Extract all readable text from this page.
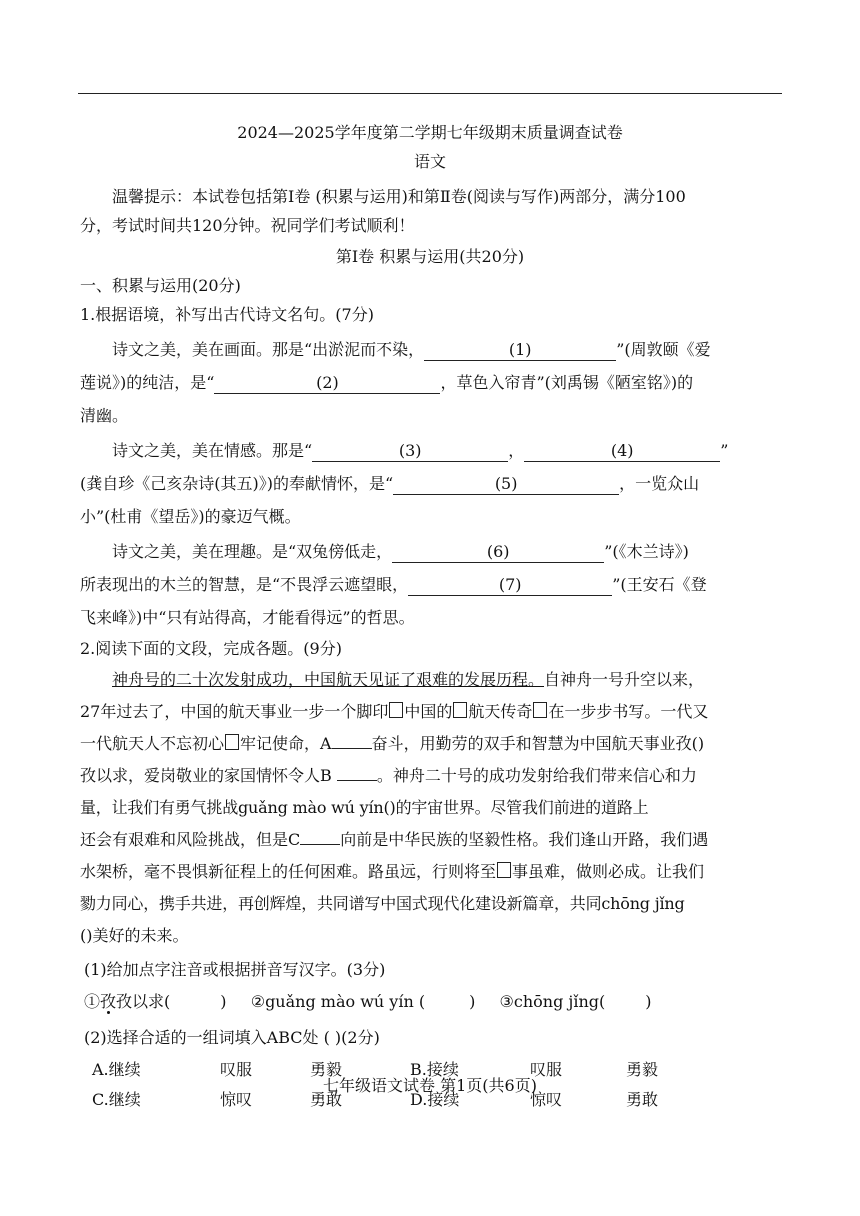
2024—2025学年度第二学期七年级期末质量调查试卷
语文
温馨提示：本试卷包括第Ⅰ卷 (积累与运用)和第Ⅱ卷(阅读与写作)两部分，满分100
分，考试时间共120分钟。祝同学们考试顺利！
第Ⅰ卷 积累与运用(共20分)
一、积累与运用(20分)
1.根据语境，补写出古代诗文名句。(7分)
诗文之美，美在画面。那是“出淤泥而不染，	(1)	”(周敦颐《爱
莲说》)的纯洁，是“	(2)	，草色入帘青”(刘禹锡《陋室铭》)的
清幽。
诗文之美，美在情感。那是“	(3)	，	(4)	”
(龚自珍《己亥杂诗(其五)》)的奉献情怀，是“	(5)	，一览众山
小”(杜甫《望岳》)的豪迈气概。
诗文之美，美在理趣。是“双兔傍低走，	(6)	”(《木兰诗》)
所表现出的木兰的智慧，是“不畏浮云遮望眼，	(7)	”(王安石《登
飞来峰》)中“只有站得高，才能看得远”的哲思。
2.阅读下面的文段，完成各题。(9分)
神舟号的二十次发射成功，中国航天见证了艰难的发展历程。自神舟一号升空以来，
27年过去了，中国的航天事业一步一个脚印 中国的 航天传奇 在一步步书写。一代又
一代航天人不忘初心 牢记使命，A	奋斗，用勤劳的双手和智慧为中国航天事业孜()
孜以求，爱岗敬业的家国情怀令人B	。神舟二十号的成功发射给我们带来信心和力
量，让我们有勇气挑战guǎng mào wú yín()的宇宙世界。尽管我们前进的道路上
还会有艰难和风险挑战，但是C	向前是中华民族的坚毅性格。我们逢山开路，我们遇
水架桥，毫不畏惧新征程上的任何困难。路虽远，行则将至 事虽难，做则必成。让我们
勠力同心，携手共进，再创辉煌，共同谱写中国式现代化建设新篇章，共同chōng jǐng
()美好的未来。
(1)给加点字注音或根据拼音写汉字。(3分)
①孜孜以求(	) ②guǎng mào wú yín (	) ③chōng jǐng(	)
(2)选择合适的一组词填入ABC处 ( )(2分)
A.继续	叹服	勇毅	B.接续	叹服	勇毅
C.继续	惊叹	勇敢	D.接续	惊叹	勇敢
七年级语文试卷 第1页(共6页)
